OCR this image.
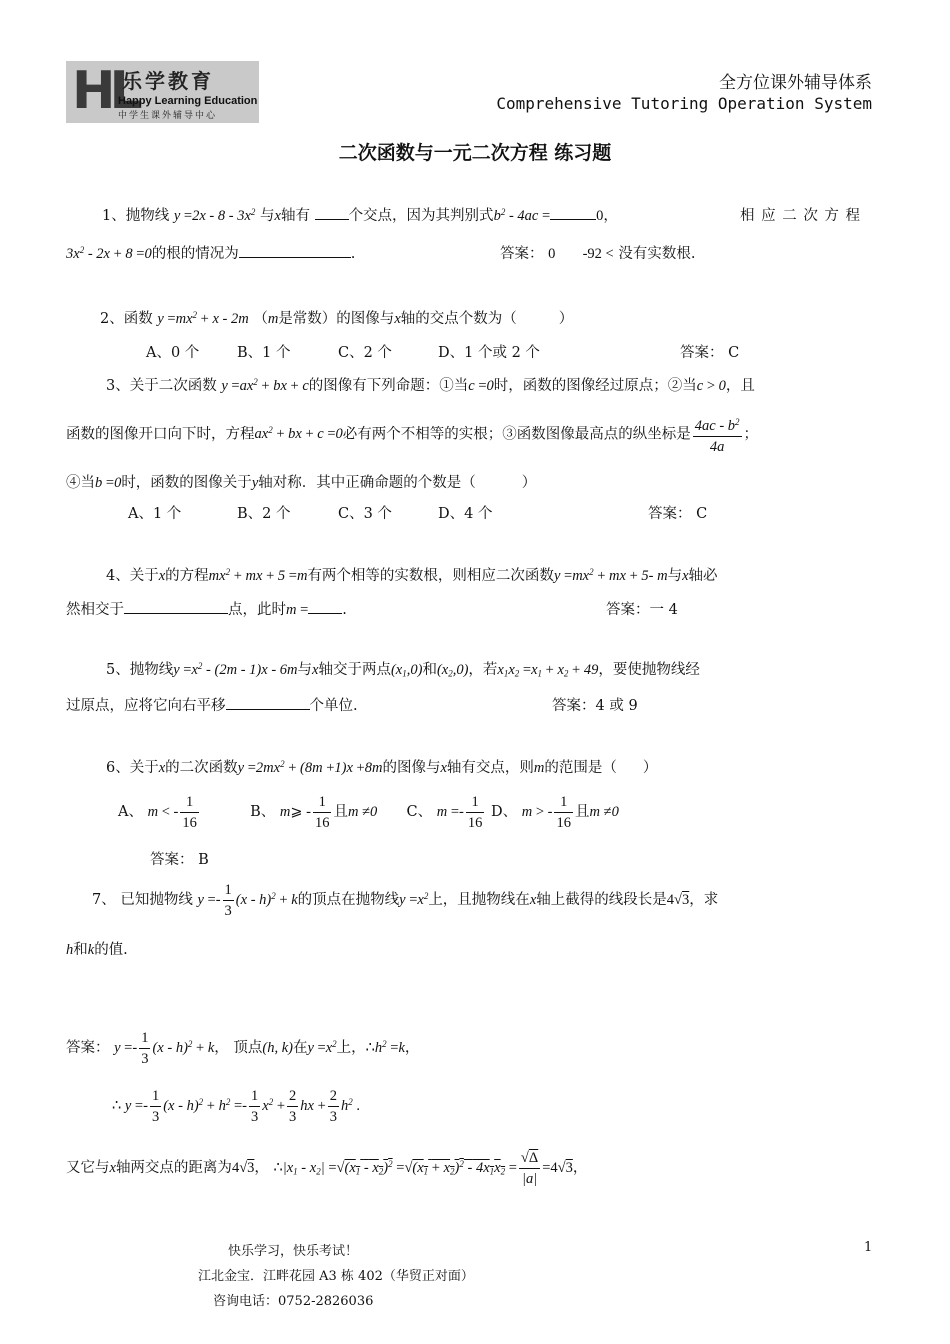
HL
乐学教育
Happy Learning Education
中学生课外辅导中心
全方位课外辅导体系
Comprehensive Tutoring Operation System
二次函数与一元二次方程 练习题
1、抛物线 $y =2x - 8 - 3x^2$ 与x轴有	个交点，因为其判别式$b^2 - 4ac$ =	0，	相 应 二 次 方 程
$3x^2 - 2x + 8 =0$的根的情况为	.	答案： 0 -92 < 没有实数根.
2、函数 $y =mx^2 + x - 2m$ （m是常数）的图像与x轴的交点个数为（	）
A、0 个	B、1 个	C、2 个	D、1 个或 2 个	答案： C
3、关于二次函数 $y =ax^2$ + bx + c的图像有下列命题：①当c =0时，函数的图像经过原点；②当c > 0，且
函数的图像开口向下时，方程$ax^2$ + bx + c =0必有两个不相等的实根；③函数图像最高点的纵坐标是 $\frac{4ac - b^2}{4a}$ ；
④当b =0时，函数的图像关于y轴对称．其中正确命题的个数是（	）
A、1 个	B、2 个	C、3 个	D、4 个	答案： C
4、关于x的方程$mx^2$ + mx + 5 =m有两个相等的实数根，则相应二次函数$y =mx^2$ + mx + 5- m与x轴必
然相交于	点，此时m = .	答案：一 4
5、抛物线$y =x^2 - (2m - 1)x - 6m$与x轴交于两点$(x_1,0)$和$(x_2,0)$，若$x_1x_2 =x_1 + x_2 + 49$，要使抛物线经
过原点，应将它向右平移	个单位.	答案：4 或 9
6、关于x的二次函数$y =2mx^2 + (8m +1)x +8m$的图像与x轴有交点，则m的范围是（ ）
A、 m < - $\frac{1}{16}$	B、 m⩾ - $\frac{1}{16}$ 且m ≠0 C、 $m =- \frac{1}{16}$ D、 m > - $\frac{1}{16}$ 且m ≠0
答案： B
7、 已知抛物线 $y =- \frac{1}{3} (x - h)^2 + k$的顶点在抛物线$y =x^2$上，且抛物线在x轴上截得的线段长是4√3，求
h和k的值.
答案： $y =- \frac{1}{3} (x - h)^2 + k$， 顶点(h, k)在$y =x^2$上，$\therefore h^2 =k$，
∴ $y =- \frac{1}{3} (x - h)^2 + h^2 =- \frac{1}{3} x^2 + \frac{2}{3}$ hx + $\frac{2}{3} h^2$ .
又它与x轴两交点的距离为4√3， $\therefore|x_1 - x_2| =√(x_1 - x_2)^2 =√(x_1 + x_2)^2 - 4x_1x_2 = \frac{√\Delta}{|a|} =4√3$，
快乐学习，快乐考试！
江北金宝．江畔花园 A3 栋 402（华贸正对面）
咨询电话：0752-2826036
1
